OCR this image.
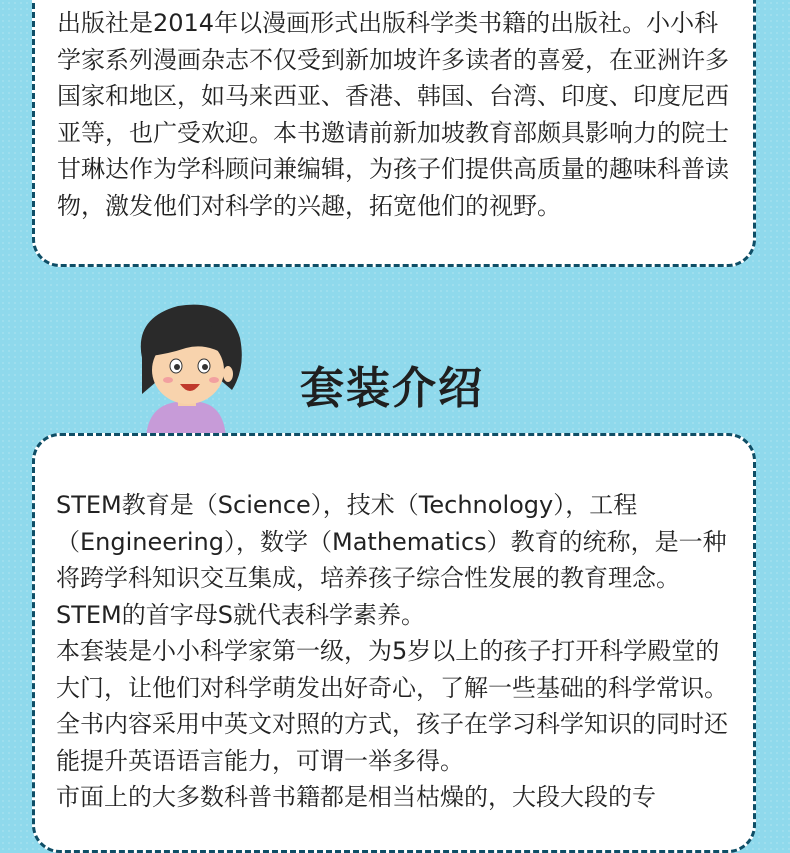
出版社是2014年以漫画形式出版科学类书籍的出版社。小小科学家系列漫画杂志不仅受到新加坡许多读者的喜爱，在亚洲许多国家和地区，如马来西亚、香港、韩国、台湾、印度、印度尼西亚等，也广受欢迎。本书邀请前新加坡教育部颇具影响力的院士甘琳达作为学科顾问兼编辑，为孩子们提供高质量的趣味科普读物，激发他们对科学的兴趣，拓宽他们的视野。

套装介绍
STEM教育是（Science），技术（Technology），工程（Engineering），数学（Mathematics）教育的统称，是一种将跨学科知识交互集成，培养孩子综合性发展的教育理念。STEM的首字母S就代表科学素养。
本套装是小小科学家第一级，为5岁以上的孩子打开科学殿堂的大门，让他们对科学萌发出好奇心，了解一些基础的科学常识。全书内容采用中英文对照的方式，孩子在学习科学知识的同时还能提升英语语言能力，可谓一举多得。
市面上的大多数科普书籍都是相当枯燥的，大段大段的专
